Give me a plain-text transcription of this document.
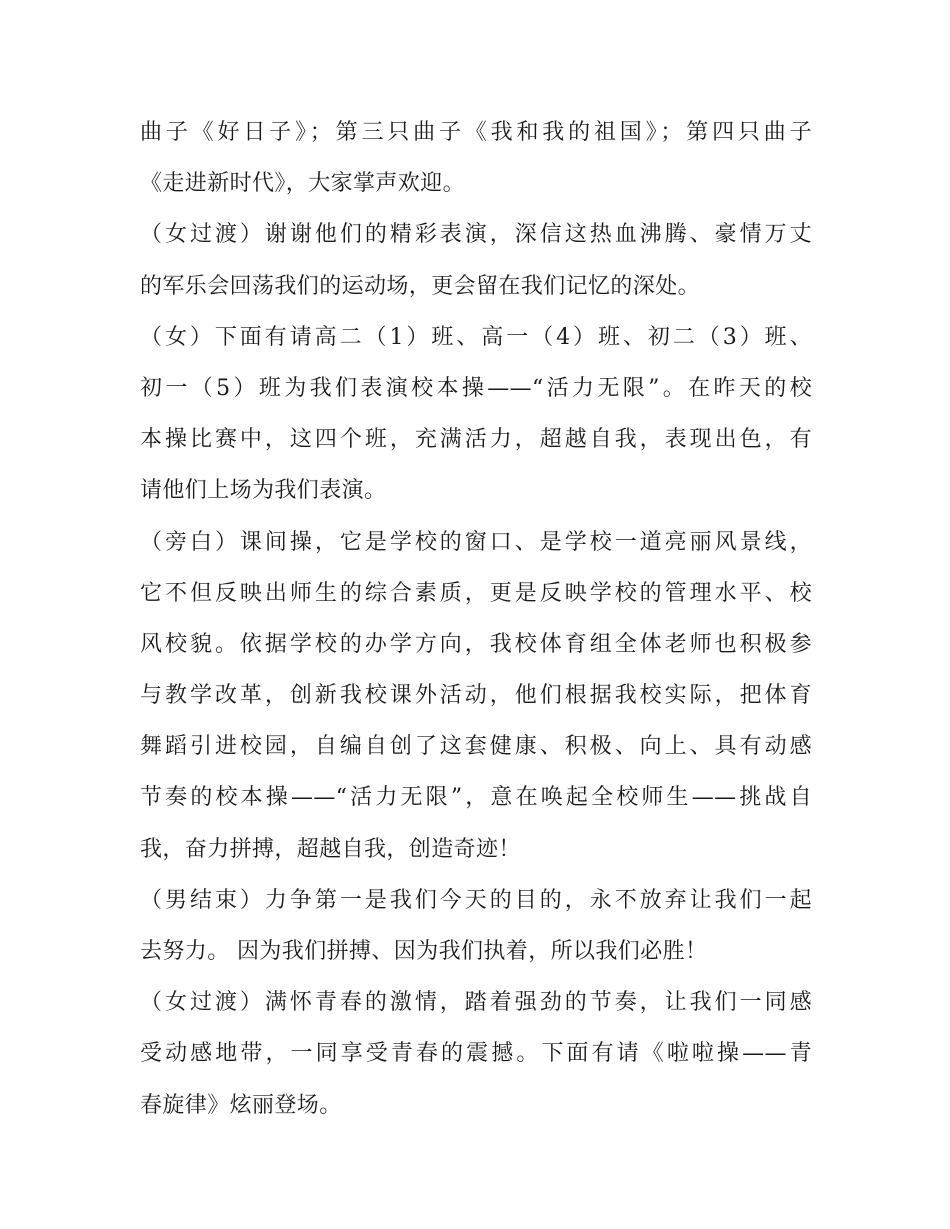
曲子《好日子》；第三只曲子《我和我的祖国》；第四只曲子
《走进新时代》，大家掌声欢迎。
（女过渡）谢谢他们的精彩表演，深信这热血沸腾、豪情万丈
的军乐会回荡我们的运动场，更会留在我们记忆的深处。
（女）下面有请高二（1）班、高一（4）班、初二（3）班、
初一（5）班为我们表演校本操——“活力无限”。在昨天的校
本操比赛中，这四个班，充满活力，超越自我，表现出色，有
请他们上场为我们表演。
（旁白）课间操，它是学校的窗口、是学校一道亮丽风景线，
它不但反映出师生的综合素质，更是反映学校的管理水平、校
风校貌。依据学校的办学方向，我校体育组全体老师也积极参
与教学改革，创新我校课外活动，他们根据我校实际，把体育
舞蹈引进校园，自编自创了这套健康、积极、向上、具有动感
节奏的校本操——“活力无限”，意在唤起全校师生——挑战自
我，奋力拼搏，超越自我，创造奇迹！
（男结束）力争第一是我们今天的目的，永不放弃让我们一起
去努力。 因为我们拼搏、因为我们执着，所以我们必胜！
（女过渡）满怀青春的激情，踏着强劲的节奏，让我们一同感
受动感地带，一同享受青春的震撼。下面有请《啦啦操——青
春旋律》炫丽登场。
